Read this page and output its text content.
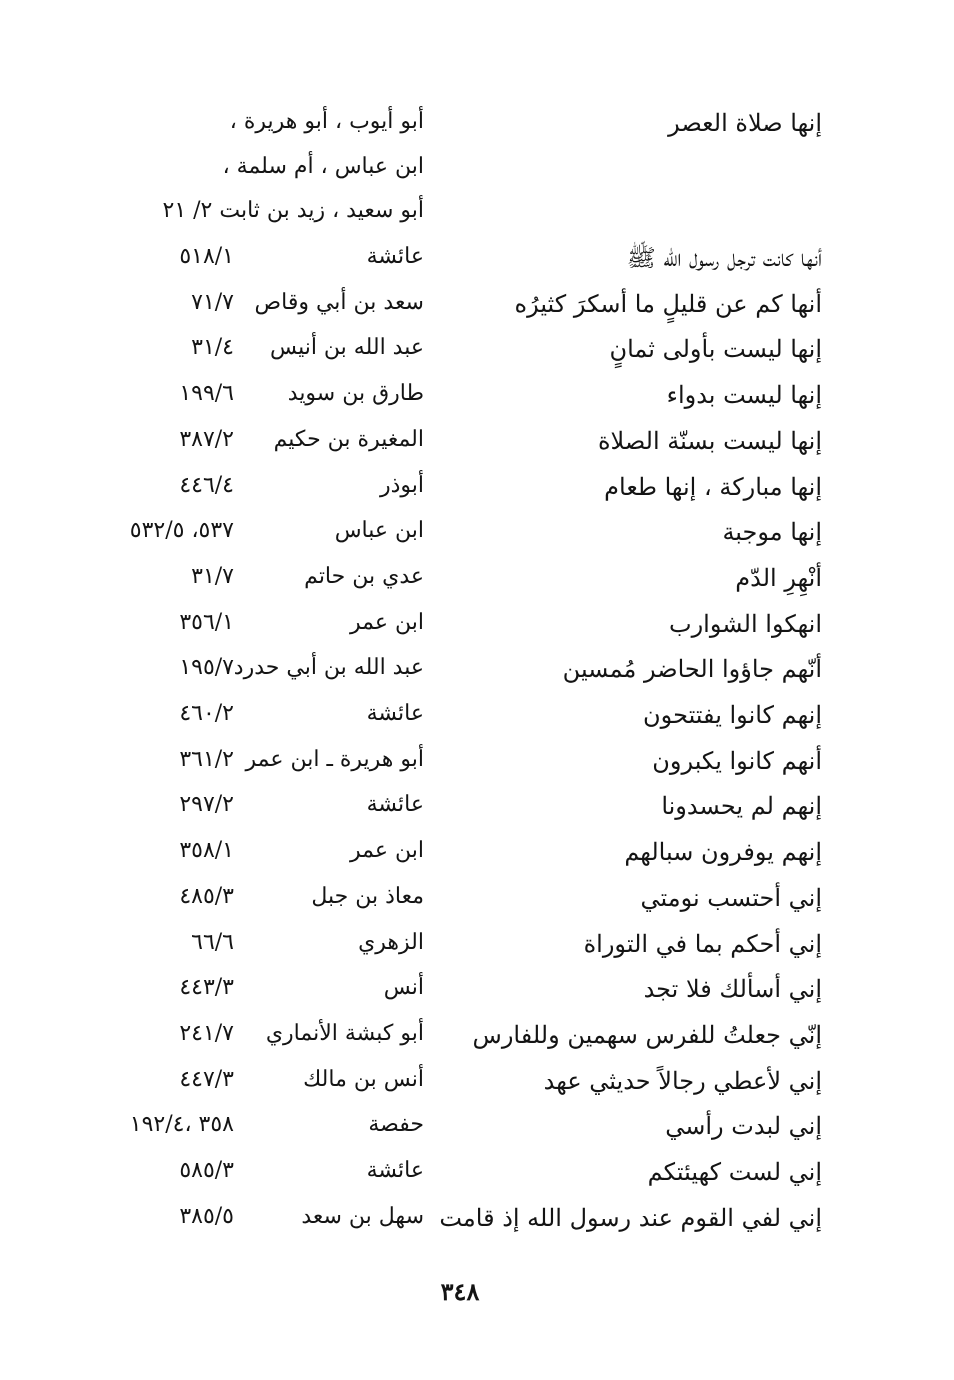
إنها صلاة العصر
أبو أيوب ، أبو هريرة ،
ابن عباس ، أم سلمة ،
أبو سعيد ، زيد بن ثابت ٢/ ٢١
أنها كانت ترجل رسول الله ﷺ
عائشة
٥١٨/١
أنها كم عن قليلٍ ما أسكرَ كثيرُه
سعد بن أبي وقاص
٧١/٧
إنها ليست بأولى ثمانٍ
عبد الله بن أنيس
٣١/٤
إنها ليست بدواء
طارق بن سويد
١٩٩/٦
إنها ليست بسنّة الصلاة
المغيرة بن حكيم
٣٨٧/٢
إنها مباركة ، إنها طعام
أبوذر
٤٤٦/٤
إنها موجبة
ابن عباس
٥٣٧، ٥٣٢/٥
أنْهِرِ الدّم
عدي بن حاتم
٣١/٧
انهكوا الشوارب
ابن عمر
٣٥٦/١
أنّهم جاؤوا الحاضر مُمسين
عبد الله بن أبي حدرد
١٩٥/٧
إنهم كانوا يفتتحون
عائشة
٤٦٠/٢
أنهم كانوا يكبرون
أبو هريرة ـ ابن عمر
٣٦١/٢
إنهم لم يحسدونا
عائشة
٢٩٧/٢
إنهم يوفرون سبالهم
ابن عمر
٣٥٨/١
إني أحتسب نومتي
معاذ بن جبل
٤٨٥/٣
إني أحكم بما في التوراة
الزهري
٦٦/٦
إني أسألك فلا تجد
أنس
٤٤٣/٣
إنّي جعلتُ للفرس سهمين وللفارس
أبو كبشة الأنماري
٢٤١/٧
إني لأعطي رجالاً حديثي عهد
أنس بن مالك
٤٤٧/٣
إني لبدت رأسي
حفصة
٣٥٨ ،١٩٢/٤
إني لست كهيئتكم
عائشة
٥٨٥/٣
إني لفي القوم عند رسول الله إذ قامت
سهل بن سعد
٣٨٥/٥
٣٤٨
